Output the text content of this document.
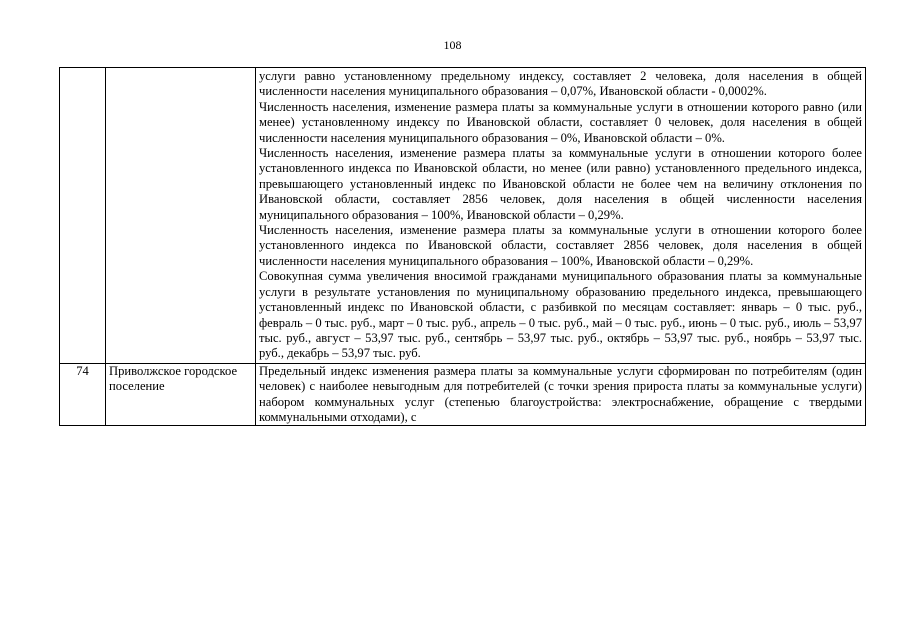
108

		услуги равно установленному предельному индексу, составляет 2 человека, доля населения в общей численности населения муниципального образования – 0,07%, Ивановской области - 0,0002%.

Численность населения, изменение размера платы за коммунальные услуги в отношении которого равно (или менее) установленному индексу по Ивановской области, составляет 0 человек, доля населения в общей численности населения муниципального образования – 0%, Ивановской области – 0%.

Численность населения, изменение размера платы за коммунальные услуги в отношении которого более установленного индекса по Ивановской области, но менее (или равно) установленного предельного индекса, превышающего установленный индекс по Ивановской области не более чем на величину отклонения по Ивановской области, составляет 2856 человек, доля населения в общей численности населения муниципального образования – 100%, Ивановской области – 0,29%.

Численность населения, изменение размера платы за коммунальные услуги в отношении которого более установленного индекса по Ивановской области, составляет 2856 человек, доля населения в общей численности населения муниципального образования – 100%, Ивановской области – 0,29%.

Совокупная сумма увеличения вносимой гражданами муниципального образования платы за коммунальные услуги в результате установления по муниципальному образованию предельного индекса, превышающего установленный индекс по Ивановской области, с разбивкой по месяцам составляет: январь – 0 тыс. руб., февраль – 0 тыс. руб., март – 0 тыс. руб., апрель – 0 тыс. руб., май – 0 тыс. руб., июнь – 0 тыс. руб., июль – 53,97 тыс. руб., август – 53,97 тыс. руб., сентябрь – 53,97 тыс. руб., октябрь – 53,97 тыс. руб., ноябрь – 53,97 тыс. руб., декабрь – 53,97 тыс. руб.

74	Приволжское городское поселение	Предельный индекс изменения размера платы за коммунальные услуги сформирован по потребителям (один человек) с наиболее невыгодным для потребителей (с точки зрения прироста платы за коммунальные услуги) набором коммунальных услуг (степенью благоустройства: электроснабжение, обращение с твердыми коммунальными отходами), с
